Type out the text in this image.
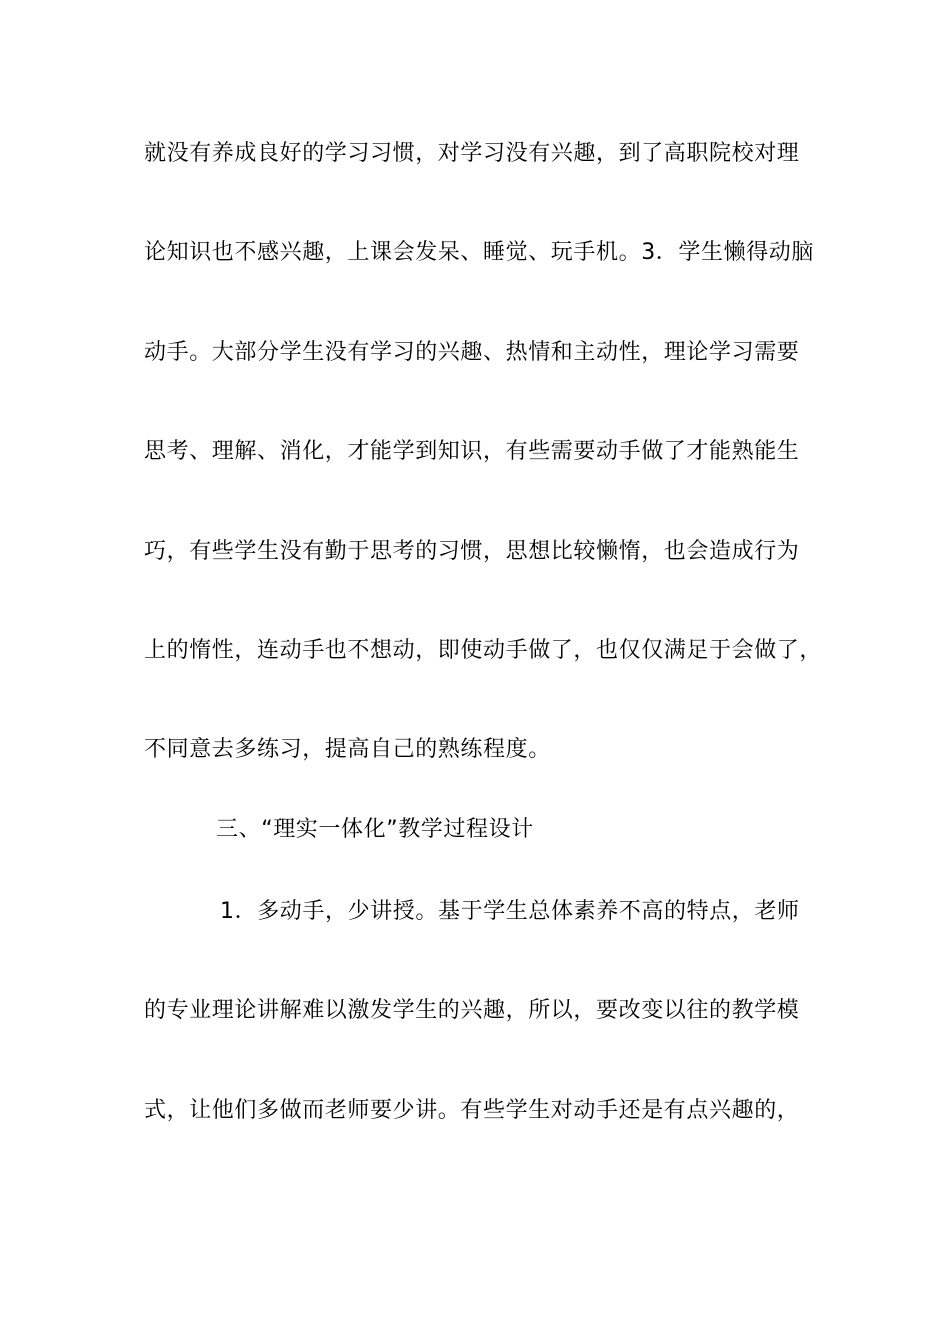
就没有养成良好的学习习惯，对学习没有兴趣，到了高职院校对理
论知识也不感兴趣，上课会发呆、睡觉、玩手机。3．学生懒得动脑
动手。大部分学生没有学习的兴趣、热情和主动性，理论学习需要
思考、理解、消化，才能学到知识，有些需要动手做了才能熟能生
巧，有些学生没有勤于思考的习惯，思想比较懒惰，也会造成行为
上的惰性，连动手也不想动，即使动手做了，也仅仅满足于会做了，
不同意去多练习，提高自己的熟练程度。
三、“理实一体化”教学过程设计
1．多动手，少讲授。基于学生总体素养不高的特点，老师
的专业理论讲解难以激发学生的兴趣，所以，要改变以往的教学模
式，让他们多做而老师要少讲。有些学生对动手还是有点兴趣的，
